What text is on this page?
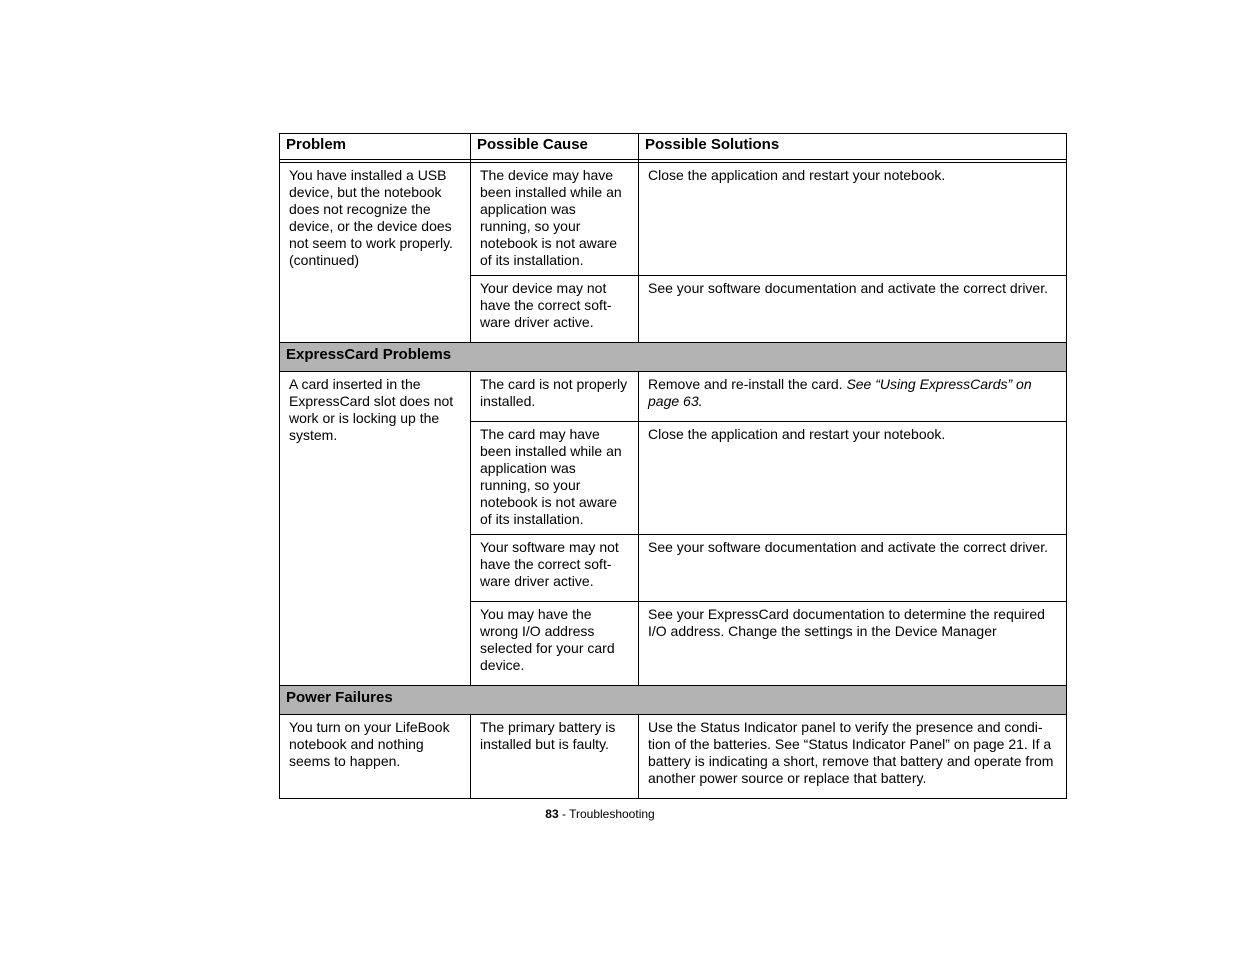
Problem	Possible Cause	Possible Solutions

You have installed a USB device, but the notebook does not recognize the device, or the device does not seem to work properly. (continued)	The device may have been installed while an application was running, so your notebook is not aware of its installation.	Close the application and restart your notebook.
	Your device may not have the correct soft-ware driver active.	See your software documentation and activate the correct driver.
ExpressCard Problems		
A card inserted in the ExpressCard slot does not work or is locking up the system.	The card is not properly installed.	Remove and re-install the card. See “Using ExpressCards” on page 63.
	The card may have been installed while an application was running, so your notebook is not aware of its installation.	Close the application and restart your notebook.
	Your software may not have the correct soft-ware driver active.	See your software documentation and activate the correct driver.
	You may have the wrong I/O address selected for your card device.	See your ExpressCard documentation to determine the required I/O address. Change the settings in the Device Manager
Power Failures		
You turn on your LifeBook notebook and nothing seems to happen.	The primary battery is installed but is faulty.	Use the Status Indicator panel to verify the presence and condi-tion of the batteries. See “Status Indicator Panel” on page 21. If a battery is indicating a short, remove that battery and operate from another power source or replace that battery.
83 - Troubleshooting
